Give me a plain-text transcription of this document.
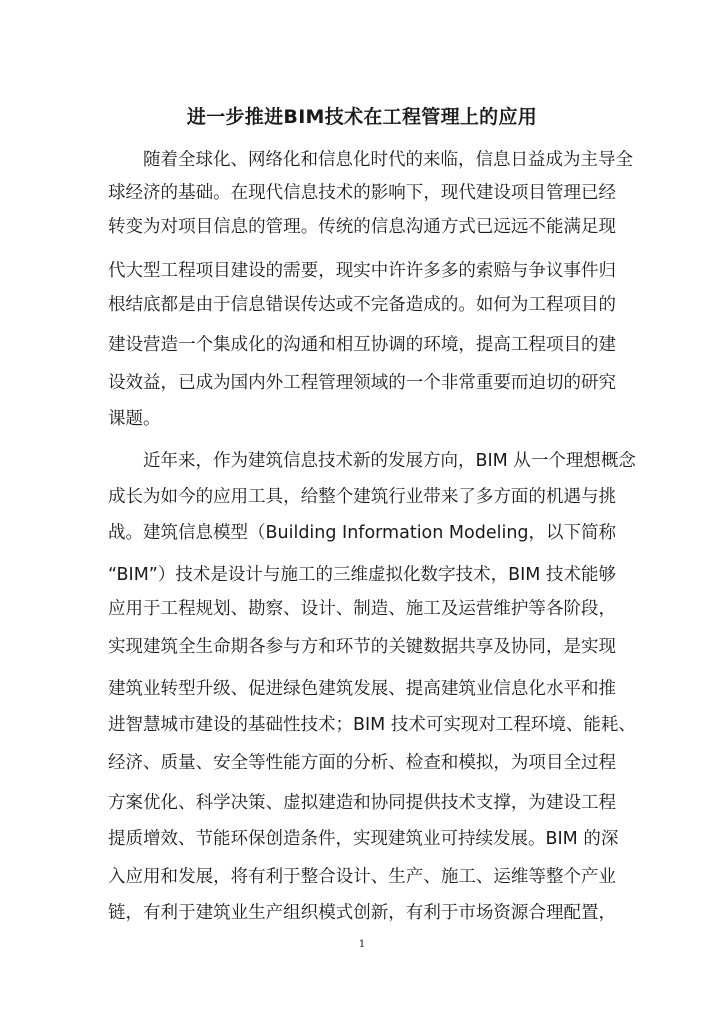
进一步推进BIM技术在工程管理上的应用
随着全球化、网络化和信息化时代的来临，信息日益成为主导全
球经济的基础。在现代信息技术的影响下，现代建设项目管理已经
转变为对项目信息的管理。传统的信息沟通方式已远远不能满足现
代大型工程项目建设的需要，现实中许许多多的索赔与争议事件归
根结底都是由于信息错误传达或不完备造成的。如何为工程项目的
建设营造一个集成化的沟通和相互协调的环境，提高工程项目的建
设效益，已成为国内外工程管理领域的一个非常重要而迫切的研究
课题。
近年来，作为建筑信息技术新的发展方向，BIM 从一个理想概念
成长为如今的应用工具，给整个建筑行业带来了多方面的机遇与挑
战。建筑信息模型（Building Information Modeling，以下简称
“BIM”）技术是设计与施工的三维虚拟化数字技术，BIM 技术能够
应用于工程规划、勘察、设计、制造、施工及运营维护等各阶段，
实现建筑全生命期各参与方和环节的关键数据共享及协同，是实现
建筑业转型升级、促进绿色建筑发展、提高建筑业信息化水平和推
进智慧城市建设的基础性技术；BIM 技术可实现对工程环境、能耗、
经济、质量、安全等性能方面的分析、检查和模拟，为项目全过程
方案优化、科学决策、虚拟建造和协同提供技术支撑，为建设工程
提质增效、节能环保创造条件，实现建筑业可持续发展。BIM 的深
入应用和发展，将有利于整合设计、生产、施工、运维等整个产业
链，有利于建筑业生产组织模式创新，有利于市场资源合理配置，
1
